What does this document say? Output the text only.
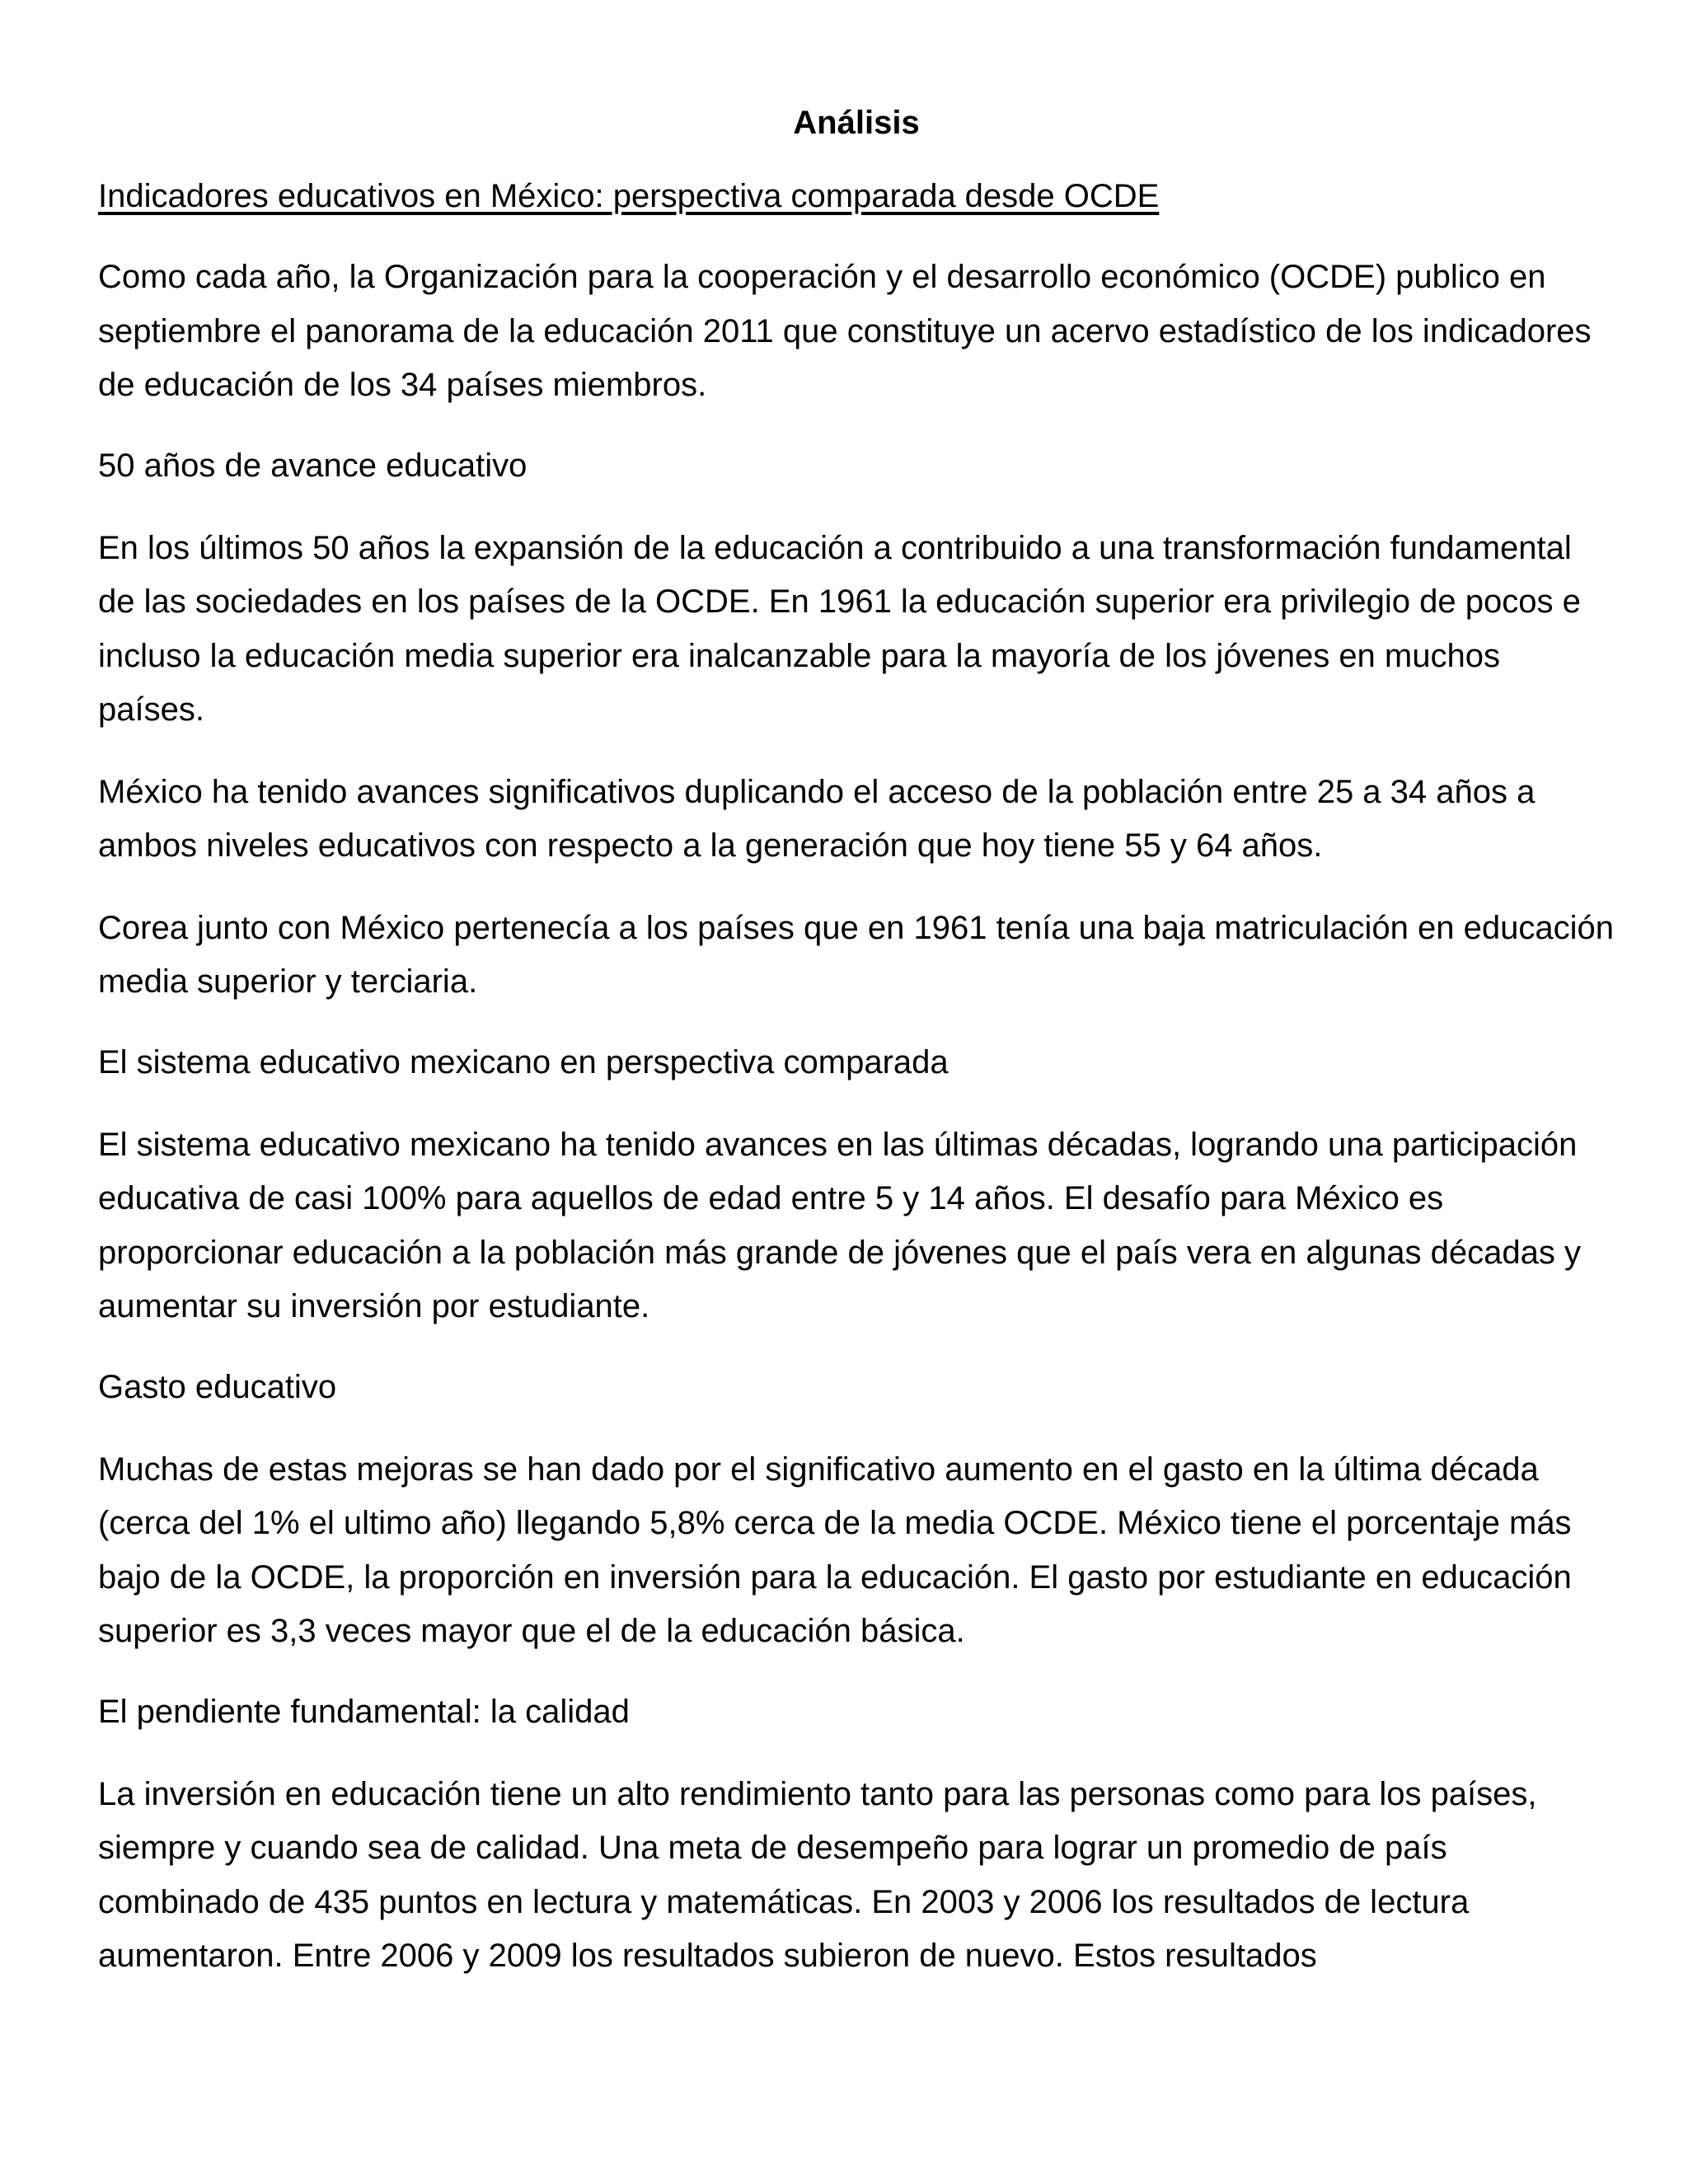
Análisis

Indicadores educativos en México: perspectiva comparada desde OCDE

Como cada año, la Organización para la cooperación y el desarrollo económico (OCDE) publico en septiembre el panorama de la educación 2011 que constituye un acervo estadístico de los indicadores de educación de los 34 países miembros.

50 años de avance educativo

En los últimos 50 años la expansión de la educación a contribuido a una transformación fundamental de las sociedades en los países de la OCDE. En 1961 la educación superior era privilegio de pocos e incluso la educación media superior era inalcanzable para la mayoría de los jóvenes en muchos países.

México ha tenido avances significativos duplicando el acceso de la población entre 25 a 34 años a ambos niveles educativos con respecto a la generación que hoy tiene 55 y 64 años.

Corea junto con México pertenecía a los países que en 1961 tenía una baja matriculación en educación media superior y terciaria.

El sistema educativo mexicano en perspectiva comparada

El sistema educativo mexicano ha tenido avances en las últimas décadas, logrando una participación educativa de casi 100% para aquellos de edad entre 5 y 14 años. El desafío para México es proporcionar educación a la población más grande de jóvenes que el país vera en algunas décadas y aumentar su inversión por estudiante.

Gasto educativo

Muchas de estas mejoras se han dado por el significativo aumento en el gasto en la última década (cerca del 1% el ultimo año) llegando 5,8% cerca de la media OCDE. México tiene el porcentaje más bajo de la OCDE, la proporción en inversión para la educación. El gasto por estudiante en educación superior es 3,3 veces mayor que el de la educación básica.

El pendiente fundamental: la calidad

La inversión en educación tiene un alto rendimiento tanto para las personas como para los países, siempre y cuando sea de calidad. Una meta de desempeño para lograr un promedio de país combinado de 435 puntos en lectura y matemáticas. En 2003 y 2006 los resultados de lectura aumentaron. Entre 2006 y 2009 los resultados subieron de nuevo. Estos resultados
